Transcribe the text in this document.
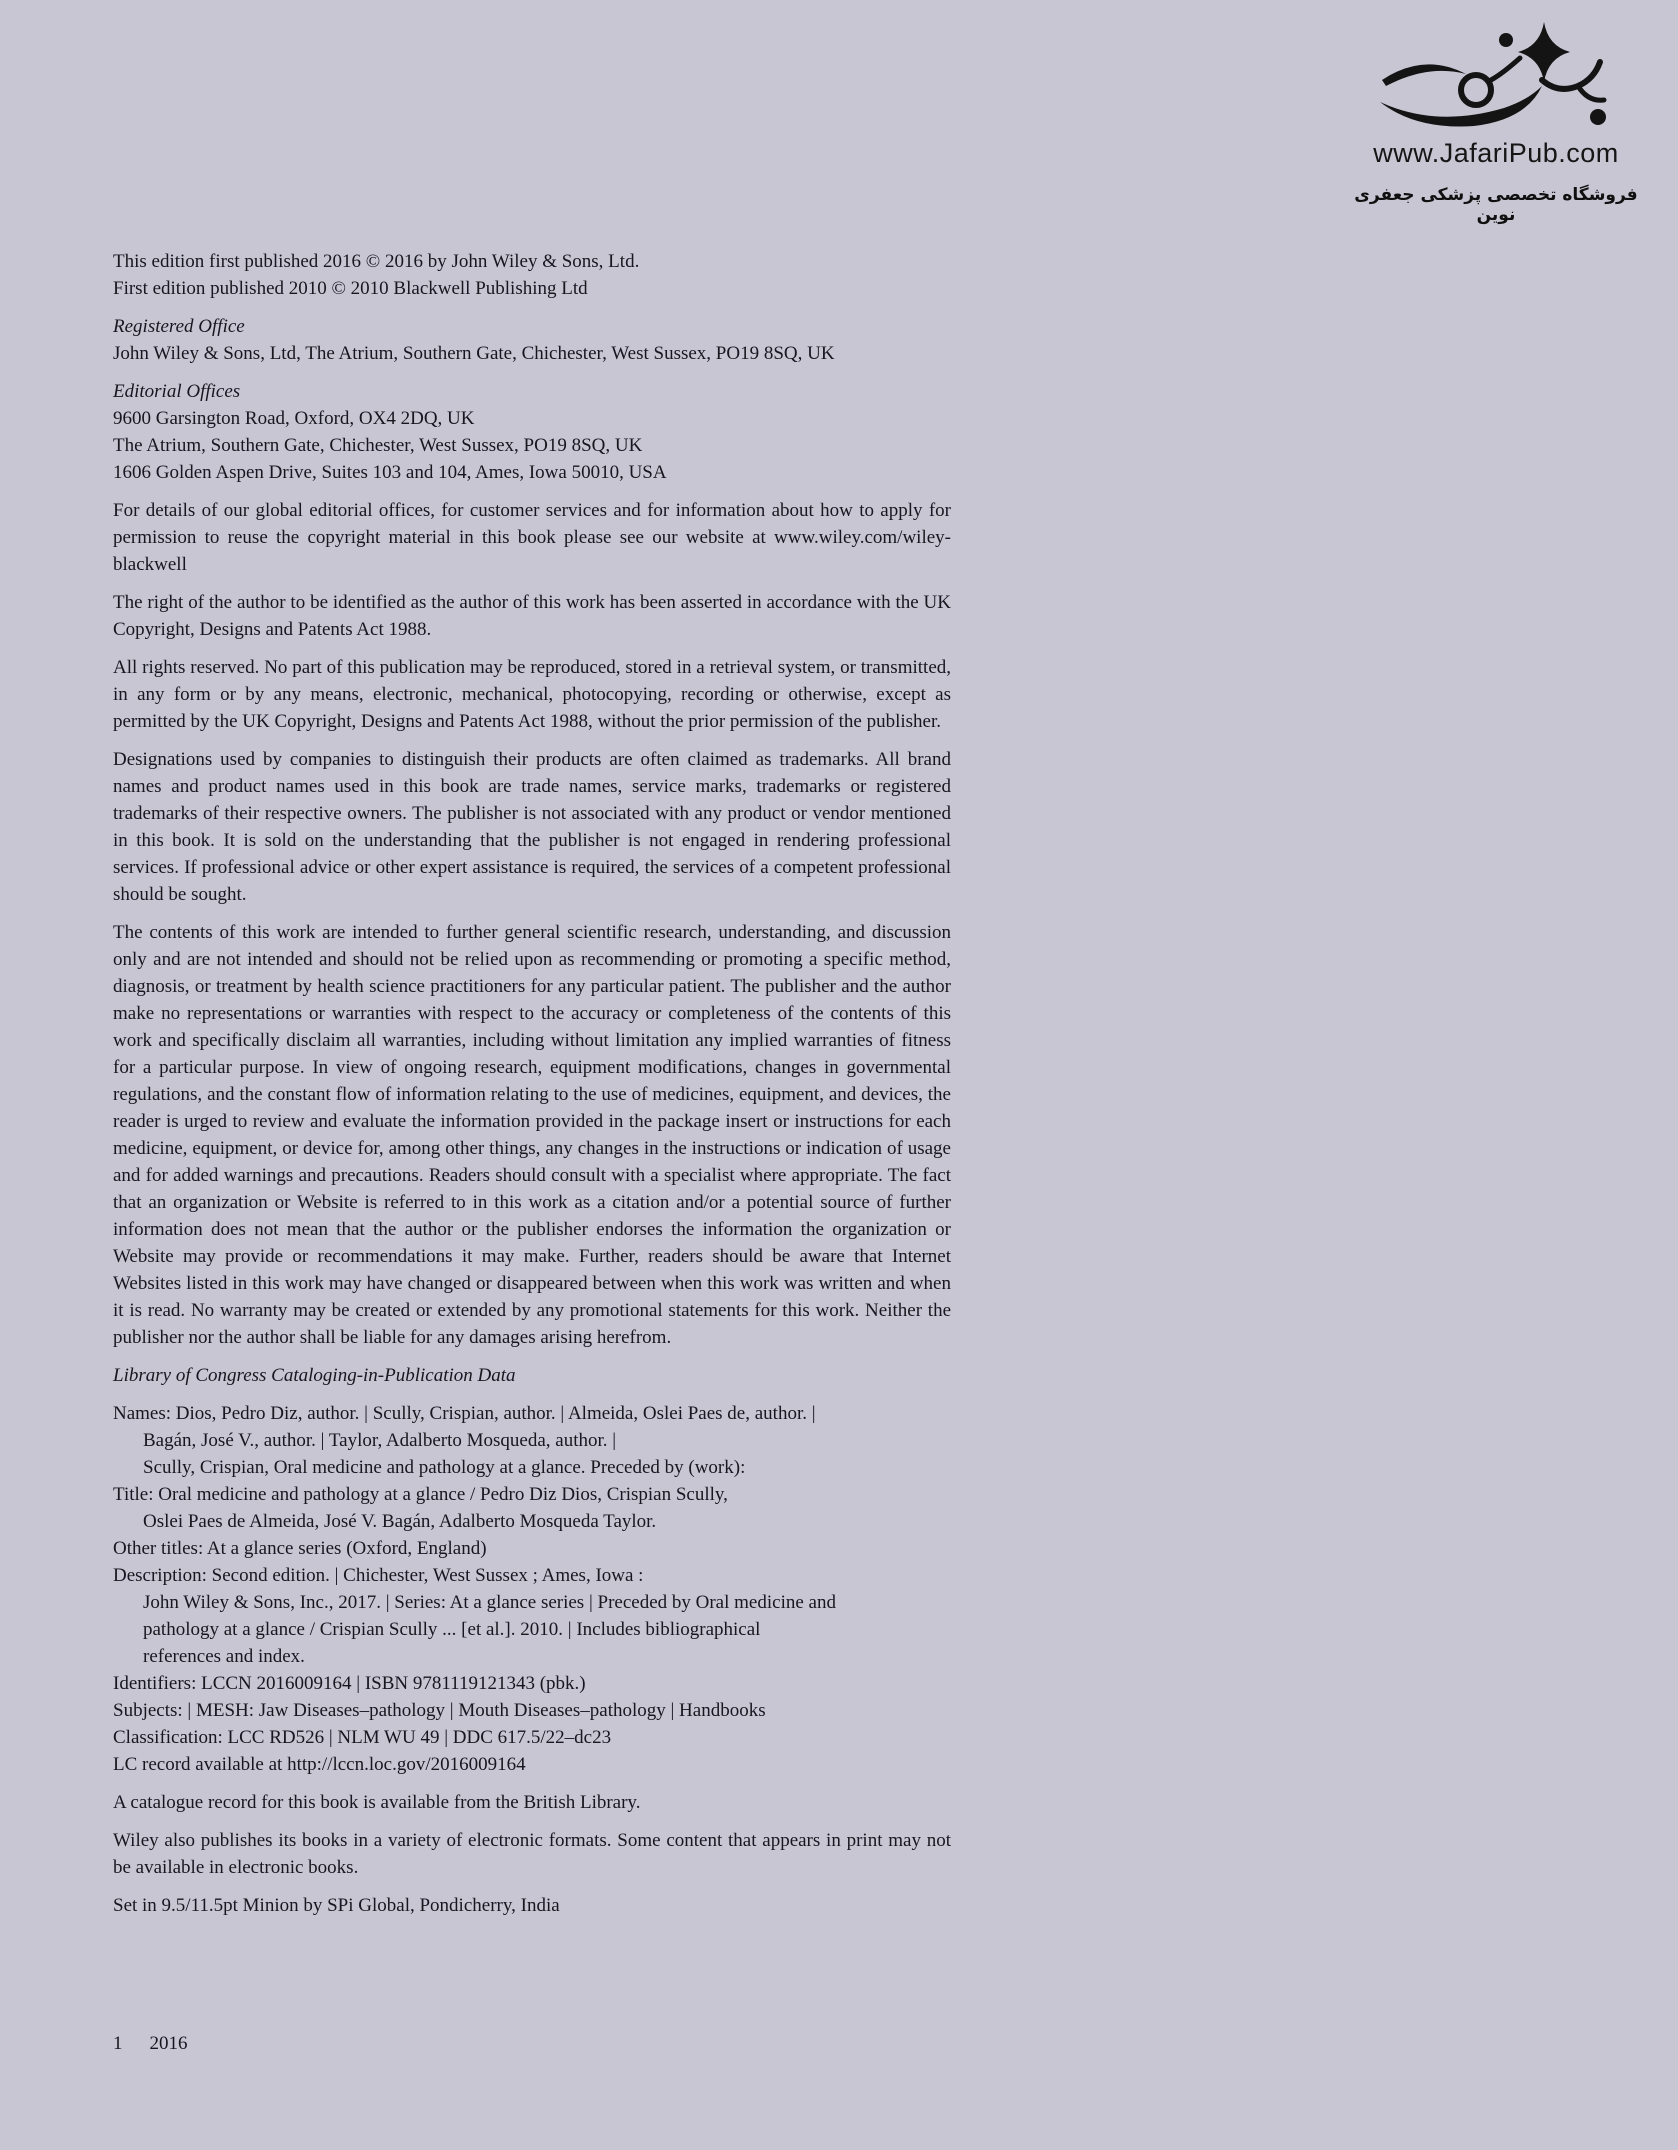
www.JafariPub.com
فروشگاه تخصصی پزشکی جعفری نوین
This edition first published 2016 © 2016 by John Wiley & Sons, Ltd.
First edition published 2010 © 2010 Blackwell Publishing Ltd
Registered Office
John Wiley & Sons, Ltd, The Atrium, Southern Gate, Chichester, West Sussex, PO19 8SQ, UK
Editorial Offices
9600 Garsington Road, Oxford, OX4 2DQ, UK
The Atrium, Southern Gate, Chichester, West Sussex, PO19 8SQ, UK
1606 Golden Aspen Drive, Suites 103 and 104, Ames, Iowa 50010, USA

For details of our global editorial offices, for customer services and for information about how to apply for permission to reuse the copyright material in this book please see our website at www.wiley.com/wiley-blackwell

The right of the author to be identified as the author of this work has been asserted in accordance with the UK Copyright, Designs and Patents Act 1988.

All rights reserved. No part of this publication may be reproduced, stored in a retrieval system, or transmitted, in any form or by any means, electronic, mechanical, photocopying, recording or otherwise, except as permitted by the UK Copyright, Designs and Patents Act 1988, without the prior permission of the publisher.

Designations used by companies to distinguish their products are often claimed as trademarks. All brand names and product names used in this book are trade names, service marks, trademarks or registered trademarks of their respective owners. The publisher is not associated with any product or vendor mentioned in this book. It is sold on the understanding that the publisher is not engaged in rendering professional services. If professional advice or other expert assistance is required, the services of a competent professional should be sought.

The contents of this work are intended to further general scientific research, understanding, and discussion only and are not intended and should not be relied upon as recommending or promoting a specific method, diagnosis, or treatment by health science practitioners for any particular patient. The publisher and the author make no representations or warranties with respect to the accuracy or completeness of the contents of this work and specifically disclaim all warranties, including without limitation any implied warranties of fitness for a particular purpose. In view of ongoing research, equipment modifications, changes in governmental regulations, and the constant flow of information relating to the use of medicines, equipment, and devices, the reader is urged to review and evaluate the information provided in the package insert or instructions for each medicine, equipment, or device for, among other things, any changes in the instructions or indication of usage and for added warnings and precautions. Readers should consult with a specialist where appropriate. The fact that an organization or Website is referred to in this work as a citation and/or a potential source of further information does not mean that the author or the publisher endorses the information the organization or Website may provide or recommendations it may make. Further, readers should be aware that Internet Websites listed in this work may have changed or disappeared between when this work was written and when it is read. No warranty may be created or extended by any promotional statements for this work. Neither the publisher nor the author shall be liable for any damages arising herefrom.

Library of Congress Cataloging-in-Publication Data
Names: Dios, Pedro Diz, author. | Scully, Crispian, author. | Almeida, Oslei Paes de, author. |
Bagán, José V., author. | Taylor, Adalberto Mosqueda, author. |
Scully, Crispian, Oral medicine and pathology at a glance. Preceded by (work):
Title: Oral medicine and pathology at a glance / Pedro Diz Dios, Crispian Scully,
Oslei Paes de Almeida, José V. Bagán, Adalberto Mosqueda Taylor.
Other titles: At a glance series (Oxford, England)
Description: Second edition. | Chichester, West Sussex ; Ames, Iowa :
John Wiley & Sons, Inc., 2017. | Series: At a glance series | Preceded by Oral medicine and
pathology at a glance / Crispian Scully ... [et al.]. 2010. | Includes bibliographical
references and index.
Identifiers: LCCN 2016009164 | ISBN 9781119121343 (pbk.)
Subjects: | MESH: Jaw Diseases–pathology | Mouth Diseases–pathology | Handbooks
Classification: LCC RD526 | NLM WU 49 | DDC 617.5/22–dc23
LC record available at http://lccn.loc.gov/2016009164

A catalogue record for this book is available from the British Library.

Wiley also publishes its books in a variety of electronic formats. Some content that appears in print may not be available in electronic books.

Set in 9.5/11.5pt Minion by SPi Global, Pondicherry, India

1 2016
